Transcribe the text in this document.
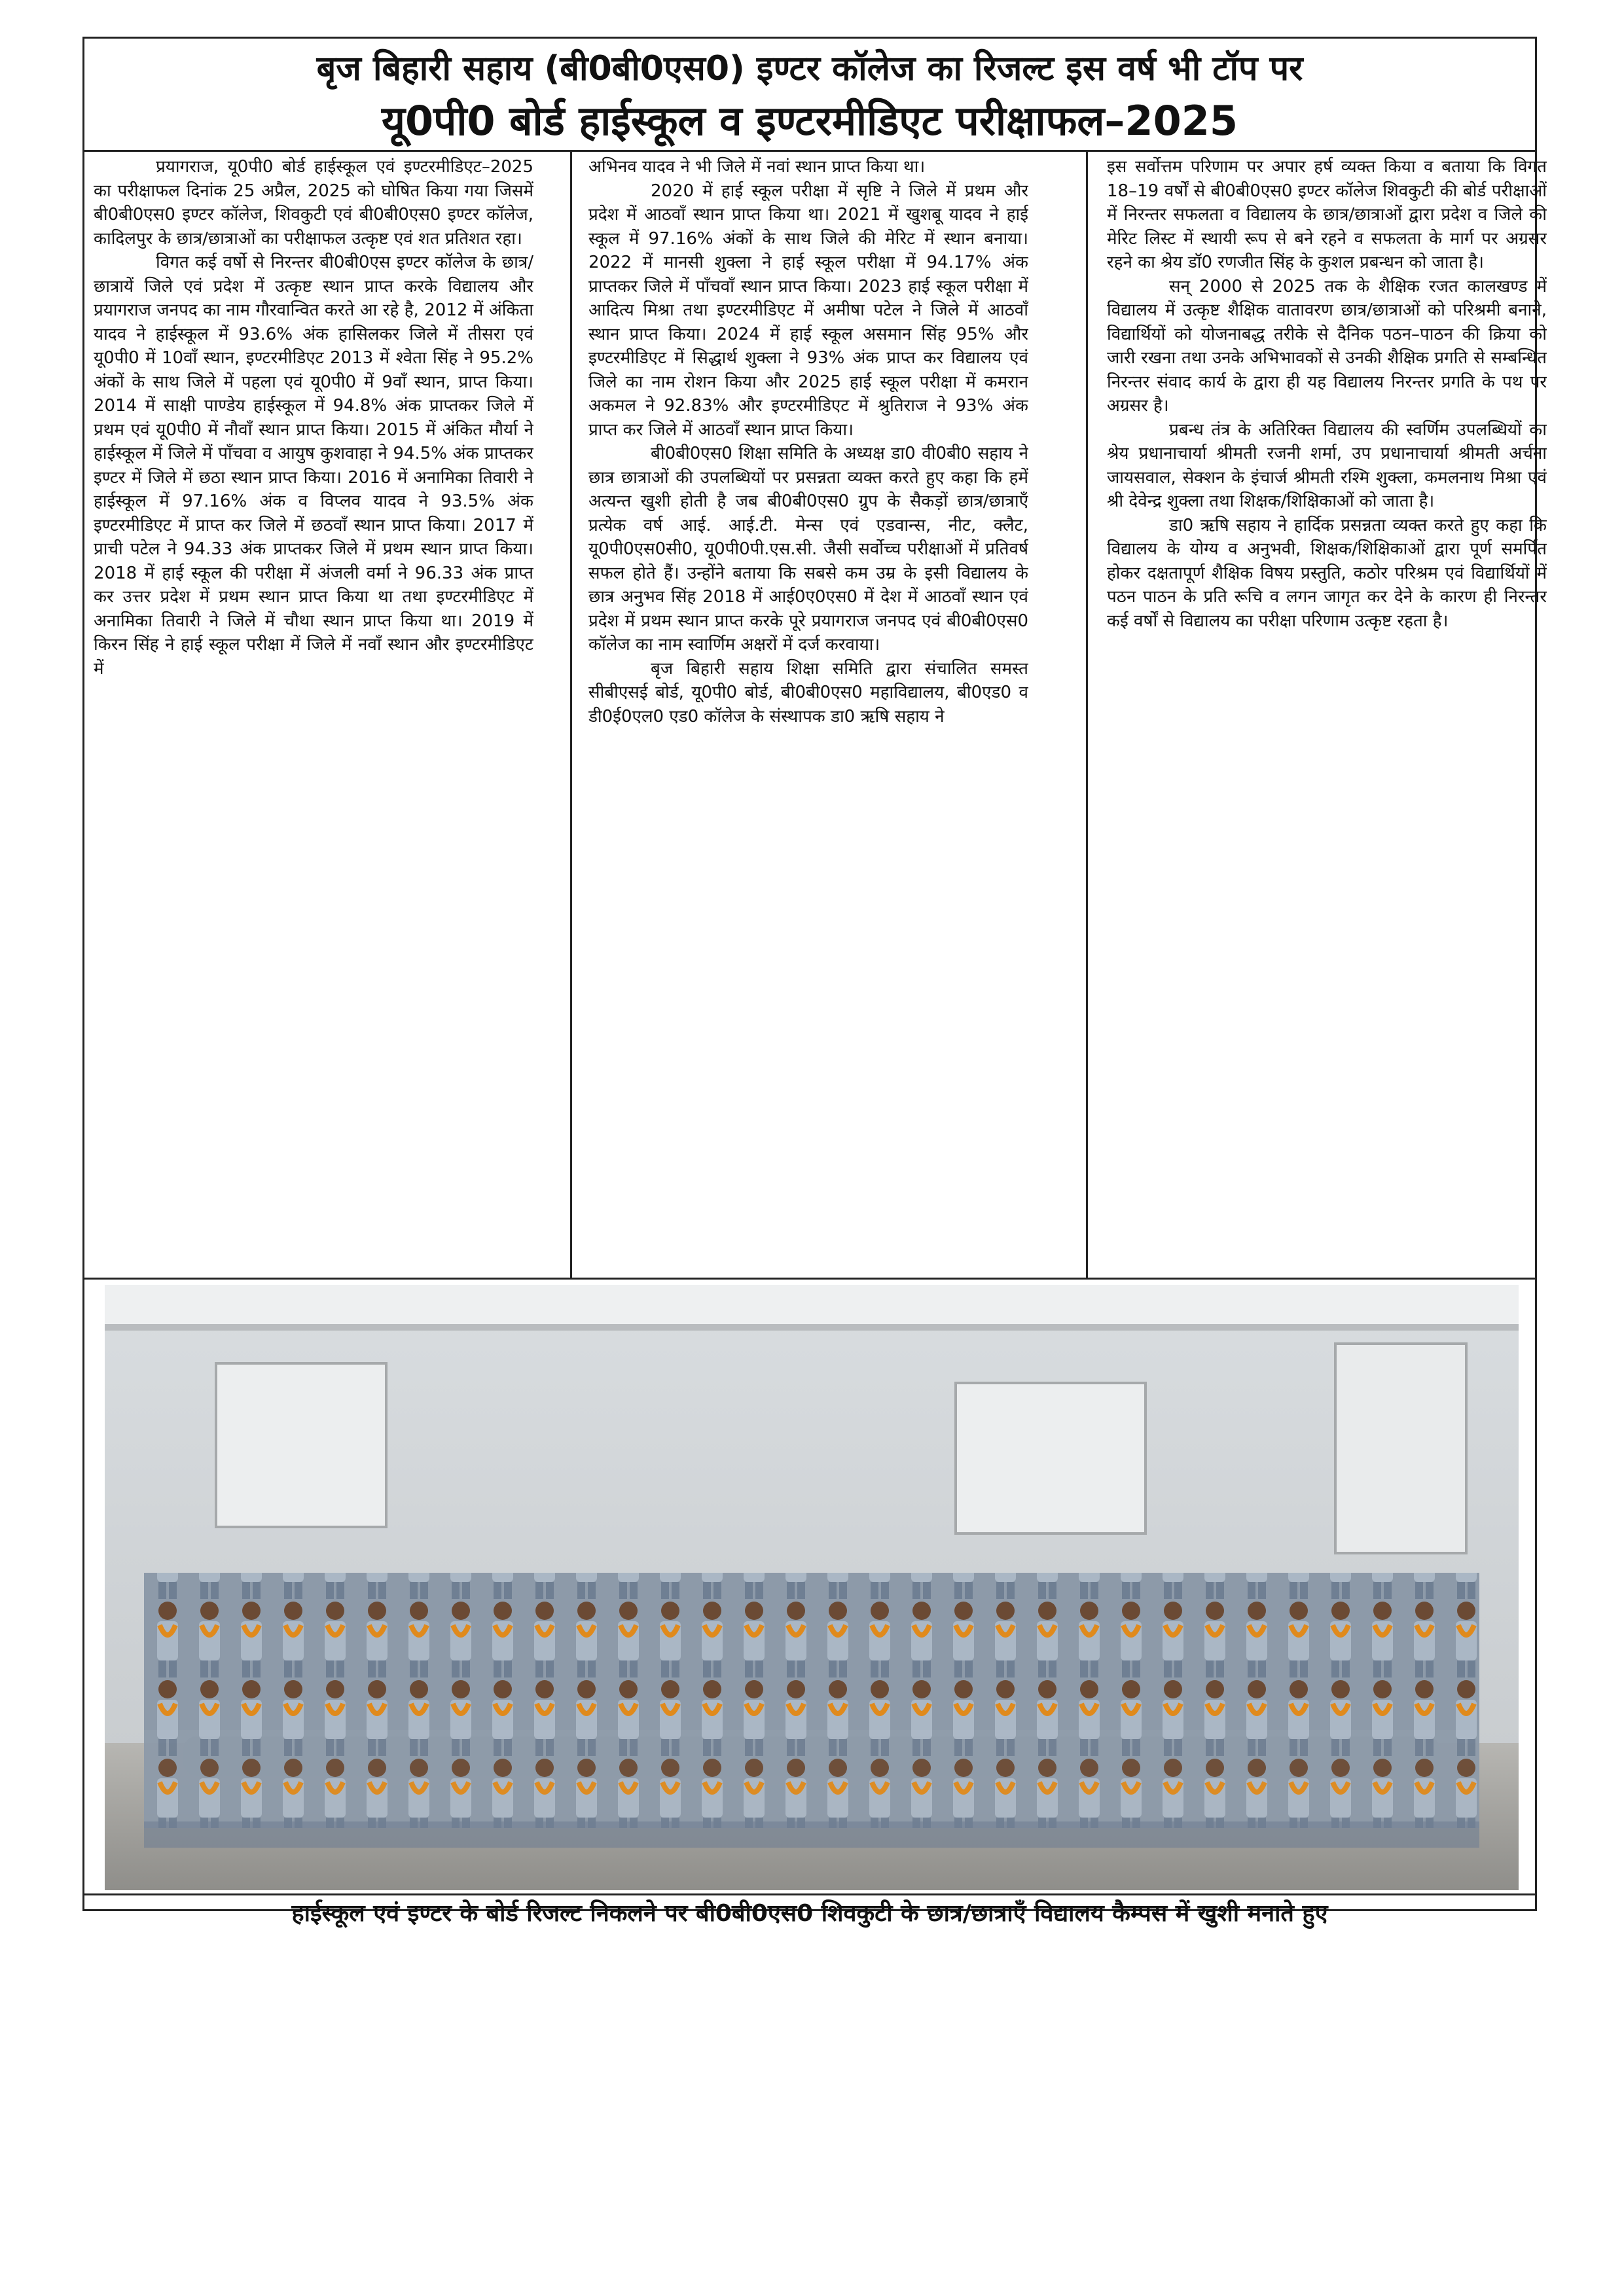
बृज बिहारी सहाय (बी0बी0एस0) इण्टर कॉलेज का रिजल्ट इस वर्ष भी टॉप पर
यू0पी0 बोर्ड हाईस्कूल व इण्टरमीडिएट परीक्षाफल–2025

प्रयागराज, यू0पी0 बोर्ड हाईस्कूल एवं इण्टरमीडिएट–2025 का परीक्षाफल दिनांक 25 अप्रैल, 2025 को घोषित किया गया जिसमें बी0बी0एस0 इण्टर कॉलेज, शिवकुटी एवं बी0बी0एस0 इण्टर कॉलेज, कादिलपुर के छात्र/छात्राओं का परीक्षाफल उत्कृष्ट एवं शत प्रतिशत रहा।

विगत कई वर्षो से निरन्तर बी0बी0एस इण्टर कॉलेज के छात्र/छात्रायें जिले एवं प्रदेश में उत्कृष्ट स्थान प्राप्त करके विद्यालय और प्रयागराज जनपद का नाम गौरवान्वित करते आ रहे है, 2012 में अंकिता यादव ने हाईस्कूल में 93.6% अंक हासिलकर जिले में तीसरा एवं यू0पी0 में 10वाँ स्थान, इण्टरमीडिएट 2013 में श्वेता सिंह ने 95.2% अंकों के साथ जिले में पहला एवं यू0पी0 में 9वाँ स्थान, प्राप्त किया। 2014 में साक्षी पाण्डेय हाईस्कूल में 94.8% अंक प्राप्तकर जिले में प्रथम एवं यू0पी0 में नौवाँ स्थान प्राप्त किया। 2015 में अंकित मौर्या ने हाईस्कूल में जिले में पाँचवा व आयुष कुशवाहा ने 94.5% अंक प्राप्तकर इण्टर में जिले में छठा स्थान प्राप्त किया। 2016 में अनामिका तिवारी ने हाईस्कूल में 97.16% अंक व विप्लव यादव ने 93.5% अंक इण्टरमीडिएट में प्राप्त कर जिले में छठवाँ स्थान प्राप्त किया। 2017 में प्राची पटेल ने 94.33 अंक प्राप्तकर जिले में प्रथम स्थान प्राप्त किया। 2018 में हाई स्कूल की परीक्षा में अंजली वर्मा ने 96.33 अंक प्राप्त कर उत्तर प्रदेश में प्रथम स्थान प्राप्त किया था तथा इण्टरमीडिएट में अनामिका तिवारी ने जिले में चौथा स्थान प्राप्त किया था। 2019 में किरन सिंह ने हाई स्कूल परीक्षा में जिले में नवाँ स्थान और इण्टरमीडिएट में

अभिनव यादव ने भी जिले में नवां स्थान प्राप्त किया था।

2020 में हाई स्कूल परीक्षा में सृष्टि ने जिले में प्रथम और प्रदेश में आठवाँ स्थान प्राप्त किया था। 2021 में खुशबू यादव ने हाई स्कूल में 97.16% अंकों के साथ जिले की मेरिट में स्थान बनाया। 2022 में मानसी शुक्ला ने हाई स्कूल परीक्षा में 94.17% अंक प्राप्तकर जिले में पाँचवाँ स्थान प्राप्त किया। 2023 हाई स्कूल परीक्षा में आदित्य मिश्रा तथा इण्टरमीडिएट में अमीषा पटेल ने जिले में आठवाँ स्थान प्राप्त किया। 2024 में हाई स्कूल असमान सिंह 95% और इण्टरमीडिएट में सिद्धार्थ शुक्ला ने 93% अंक प्राप्त कर विद्यालय एवं जिले का नाम रोशन किया और 2025 हाई स्कूल परीक्षा में कमरान अकमल ने 92.83% और इण्टरमीडिएट में श्रुतिराज ने 93% अंक प्राप्त कर जिले में आठवाँ स्थान प्राप्त किया।

बी0बी0एस0 शिक्षा समिति के अध्यक्ष डा0 वी0बी0 सहाय ने छात्र छात्राओं की उपलब्धियों पर प्रसन्नता व्यक्त करते हुए कहा कि हमें अत्यन्त खुशी होती है जब बी0बी0एस0 ग्रुप के सैकड़ों छात्र/छात्राएँ प्रत्येक वर्ष आई. आई.टी. मेन्स एवं एडवान्स, नीट, क्लैट, यू0पी0एस0सी0, यू0पी0पी.एस.सी. जैसी सर्वोच्च परीक्षाओं में प्रतिवर्ष सफल होते हैं। उन्होंने बताया कि सबसे कम उम्र के इसी विद्यालय के छात्र अनुभव सिंह 2018 में आई0ए0एस0 में देश में आठवाँ स्थान एवं प्रदेश में प्रथम स्थान प्राप्त करके पूरे प्रयागराज जनपद एवं बी0बी0एस0 कॉलेज का नाम स्वार्णिम अक्षरों में दर्ज करवाया।

बृज बिहारी सहाय शिक्षा समिति द्वारा संचालित समस्त सीबीएसई बोर्ड, यू0पी0 बोर्ड, बी0बी0एस0 महाविद्यालय, बी0एड0 व डी0ई0एल0 एड0 कॉलेज के संस्थापक डा0 ऋषि सहाय ने

इस सर्वोत्तम परिणाम पर अपार हर्ष व्यक्त किया व बताया कि विगत 18–19 वर्षों से बी0बी0एस0 इण्टर कॉलेज शिवकुटी की बोर्ड परीक्षाओं में निरन्तर सफलता व विद्यालय के छात्र/छात्राओं द्वारा प्रदेश व जिले की मेरिट लिस्ट में स्थायी रूप से बने रहने व सफलता के मार्ग पर अग्रसर रहने का श्रेय डॉ0 रणजीत सिंह के कुशल प्रबन्धन को जाता है।

सन् 2000 से 2025 तक के शैक्षिक रजत कालखण्ड में विद्यालय में उत्कृष्ट शैक्षिक वातावरण छात्र/छात्राओं को परिश्रमी बनाने, विद्यार्थियों को योजनाबद्ध तरीके से दैनिक पठन–पाठन की क्रिया को जारी रखना तथा उनके अभिभावकों से उनकी शैक्षिक प्रगति से सम्बन्धित निरन्तर संवाद कार्य के द्वारा ही यह विद्यालय निरन्तर प्रगति के पथ पर अग्रसर है।

प्रबन्ध तंत्र के अतिरिक्त विद्यालय की स्वर्णिम उपलब्धियों का श्रेय प्रधानाचार्या श्रीमती रजनी शर्मा, उप प्रधानाचार्या श्रीमती अर्चना जायसवाल, सेक्शन के इंचार्ज श्रीमती रश्मि शुक्ला, कमलनाथ मिश्रा एवं श्री देवेन्द्र शुक्ला तथा शिक्षक/शिक्षिकाओं को जाता है।

डा0 ऋषि सहाय ने हार्दिक प्रसन्नता व्यक्त करते हुए कहा कि विद्यालय के योग्य व अनुभवी, शिक्षक/शिक्षिकाओं द्वारा पूर्ण समर्पित होकर दक्षतापूर्ण शैक्षिक विषय प्रस्तुति, कठोर परिश्रम एवं विद्यार्थियों में पठन पाठन के प्रति रूचि व लगन जागृत कर देने के कारण ही निरन्तर कई वर्षों से विद्यालय का परीक्षा परिणाम उत्कृष्ट रहता है।

हाईस्कूल एवं इण्टर के बोर्ड रिजल्ट निकलने पर बी0बी0एस0 शिवकुटी के छात्र/छात्राएँ विद्यालय कैम्पस में खुशी मनाते हुए
